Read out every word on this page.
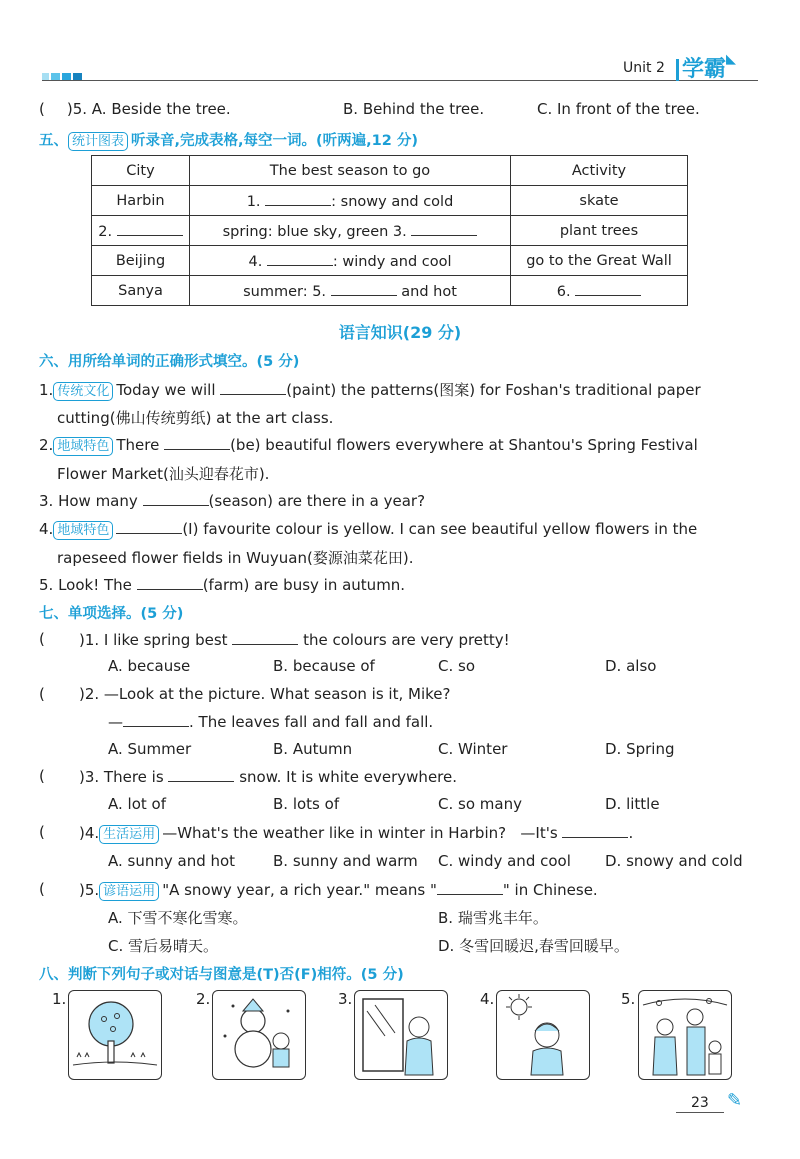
Unit 2 学霸◣
( )5. A. Beside the tree.	B. Behind the tree.	C. In front of the tree.
五、 统计图表 听录音,完成表格,每空一词。(听两遍,12 分)
City	The best season to go	Activity
Harbin	1. : snowy and cold	skate
2.	spring: blue sky, green 3.	plant trees
Beijing	4. : windy and cool	go to the Great Wall
Sanya	summer: 5. and hot	6.
语言知识(29 分)
六、用所给单词的正确形式填空。(5 分)
1. 传统文化 Today we will	(paint) the patterns(图案) for Foshan's traditional paper
cutting(佛山传统剪纸) at the art class.
2. 地域特色 There	(be) beautiful flowers everywhere at Shantou's Spring Festival
Flower Market(汕头迎春花市).
3. How many	(season) are there in a year?
4. 地域特色	(I) favourite colour is yellow. I can see beautiful yellow flowers in the
rapeseed flower fields in Wuyuan(婺源油菜花田).
5. Look! The	(farm) are busy in autumn.
七、单项选择。(5 分)
( )1. I like spring best	the colours are very pretty!
A. because	B. because of	C. so	D. also
( )2. —Look at the picture. What season is it, Mike?
—	. The leaves fall and fall and fall.
A. Summer	B. Autumn	C. Winter	D. Spring
( )3. There is	snow. It is white everywhere.
A. lot of	B. lots of	C. so many	D. little
( )4. 生活运用 —What's the weather like in winter in Harbin? —It's	.
A. sunny and hot	B. sunny and warm C. windy and cool D. snowy and cold
( )5. 谚语运用 "A snowy year, a rich year." means "	" in Chinese.
A. 下雪不寒化雪寒。	B. 瑞雪兆丰年。
C. 雪后易晴天。	D. 冬雪回暖迟,春雪回暖早。
八、判断下列句子或对话与图意是(T)否(F)相符。(5 分)
1.	2.	3.	4.	5.
23 ✎
